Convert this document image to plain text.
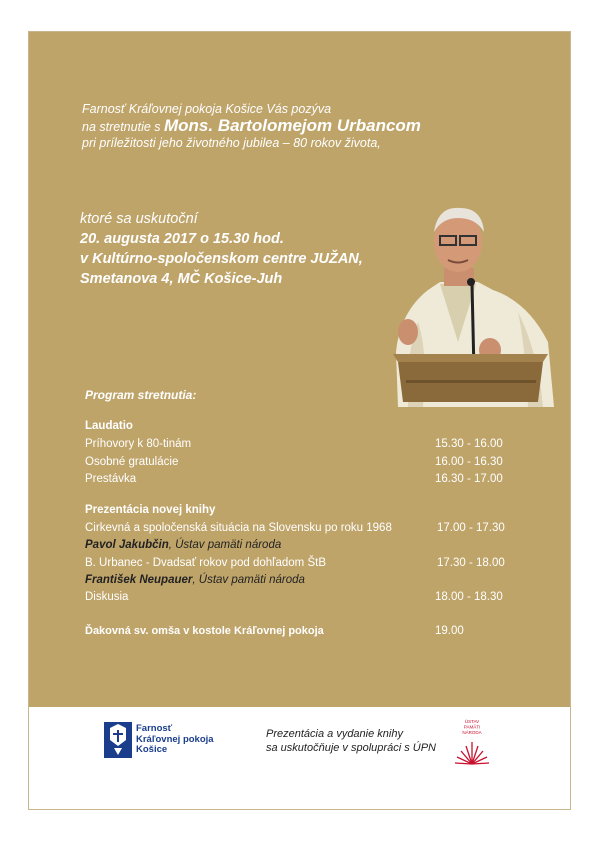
Farnosť Kráľovnej pokoja Košice Vás pozýva
na stretnutie s Mons. Bartolomejom Urbancom
pri príležitosti jeho životného jubilea – 80 rokov života,
ktoré sa uskutoční
20. augusta 2017 o 15.30 hod.
v Kultúrno-spoločenskom centre JUŽAN,
Smetanova 4, MČ Košice-Juh
Program stretnutia:
Laudatio
Príhovory k 80-tinám	15.30 - 16.00
Osobné gratulácie	16.00 - 16.30
Prestávka	16.30 - 17.00
Prezentácia novej knihy
Cirkevná a spoločenská situácia na Slovensku po roku 1968	17.00 - 17.30
Pavol Jakubčin, Ústav pamäti národa
B. Urbanec - Dvadsať rokov pod dohľadom ŠtB	17.30 - 18.00
František Neupauer, Ústav pamäti národa
Diskusia	18.00 - 18.30
Ďakovná sv. omša v kostole Kráľovnej pokoja	19.00
Farnosť
Kráľovnej pokoja
Košice
Prezentácia a vydanie knihy
sa uskutočňuje v spolupráci s ÚPN
ÚSTAV
PAMÄTI
NÁRODA
